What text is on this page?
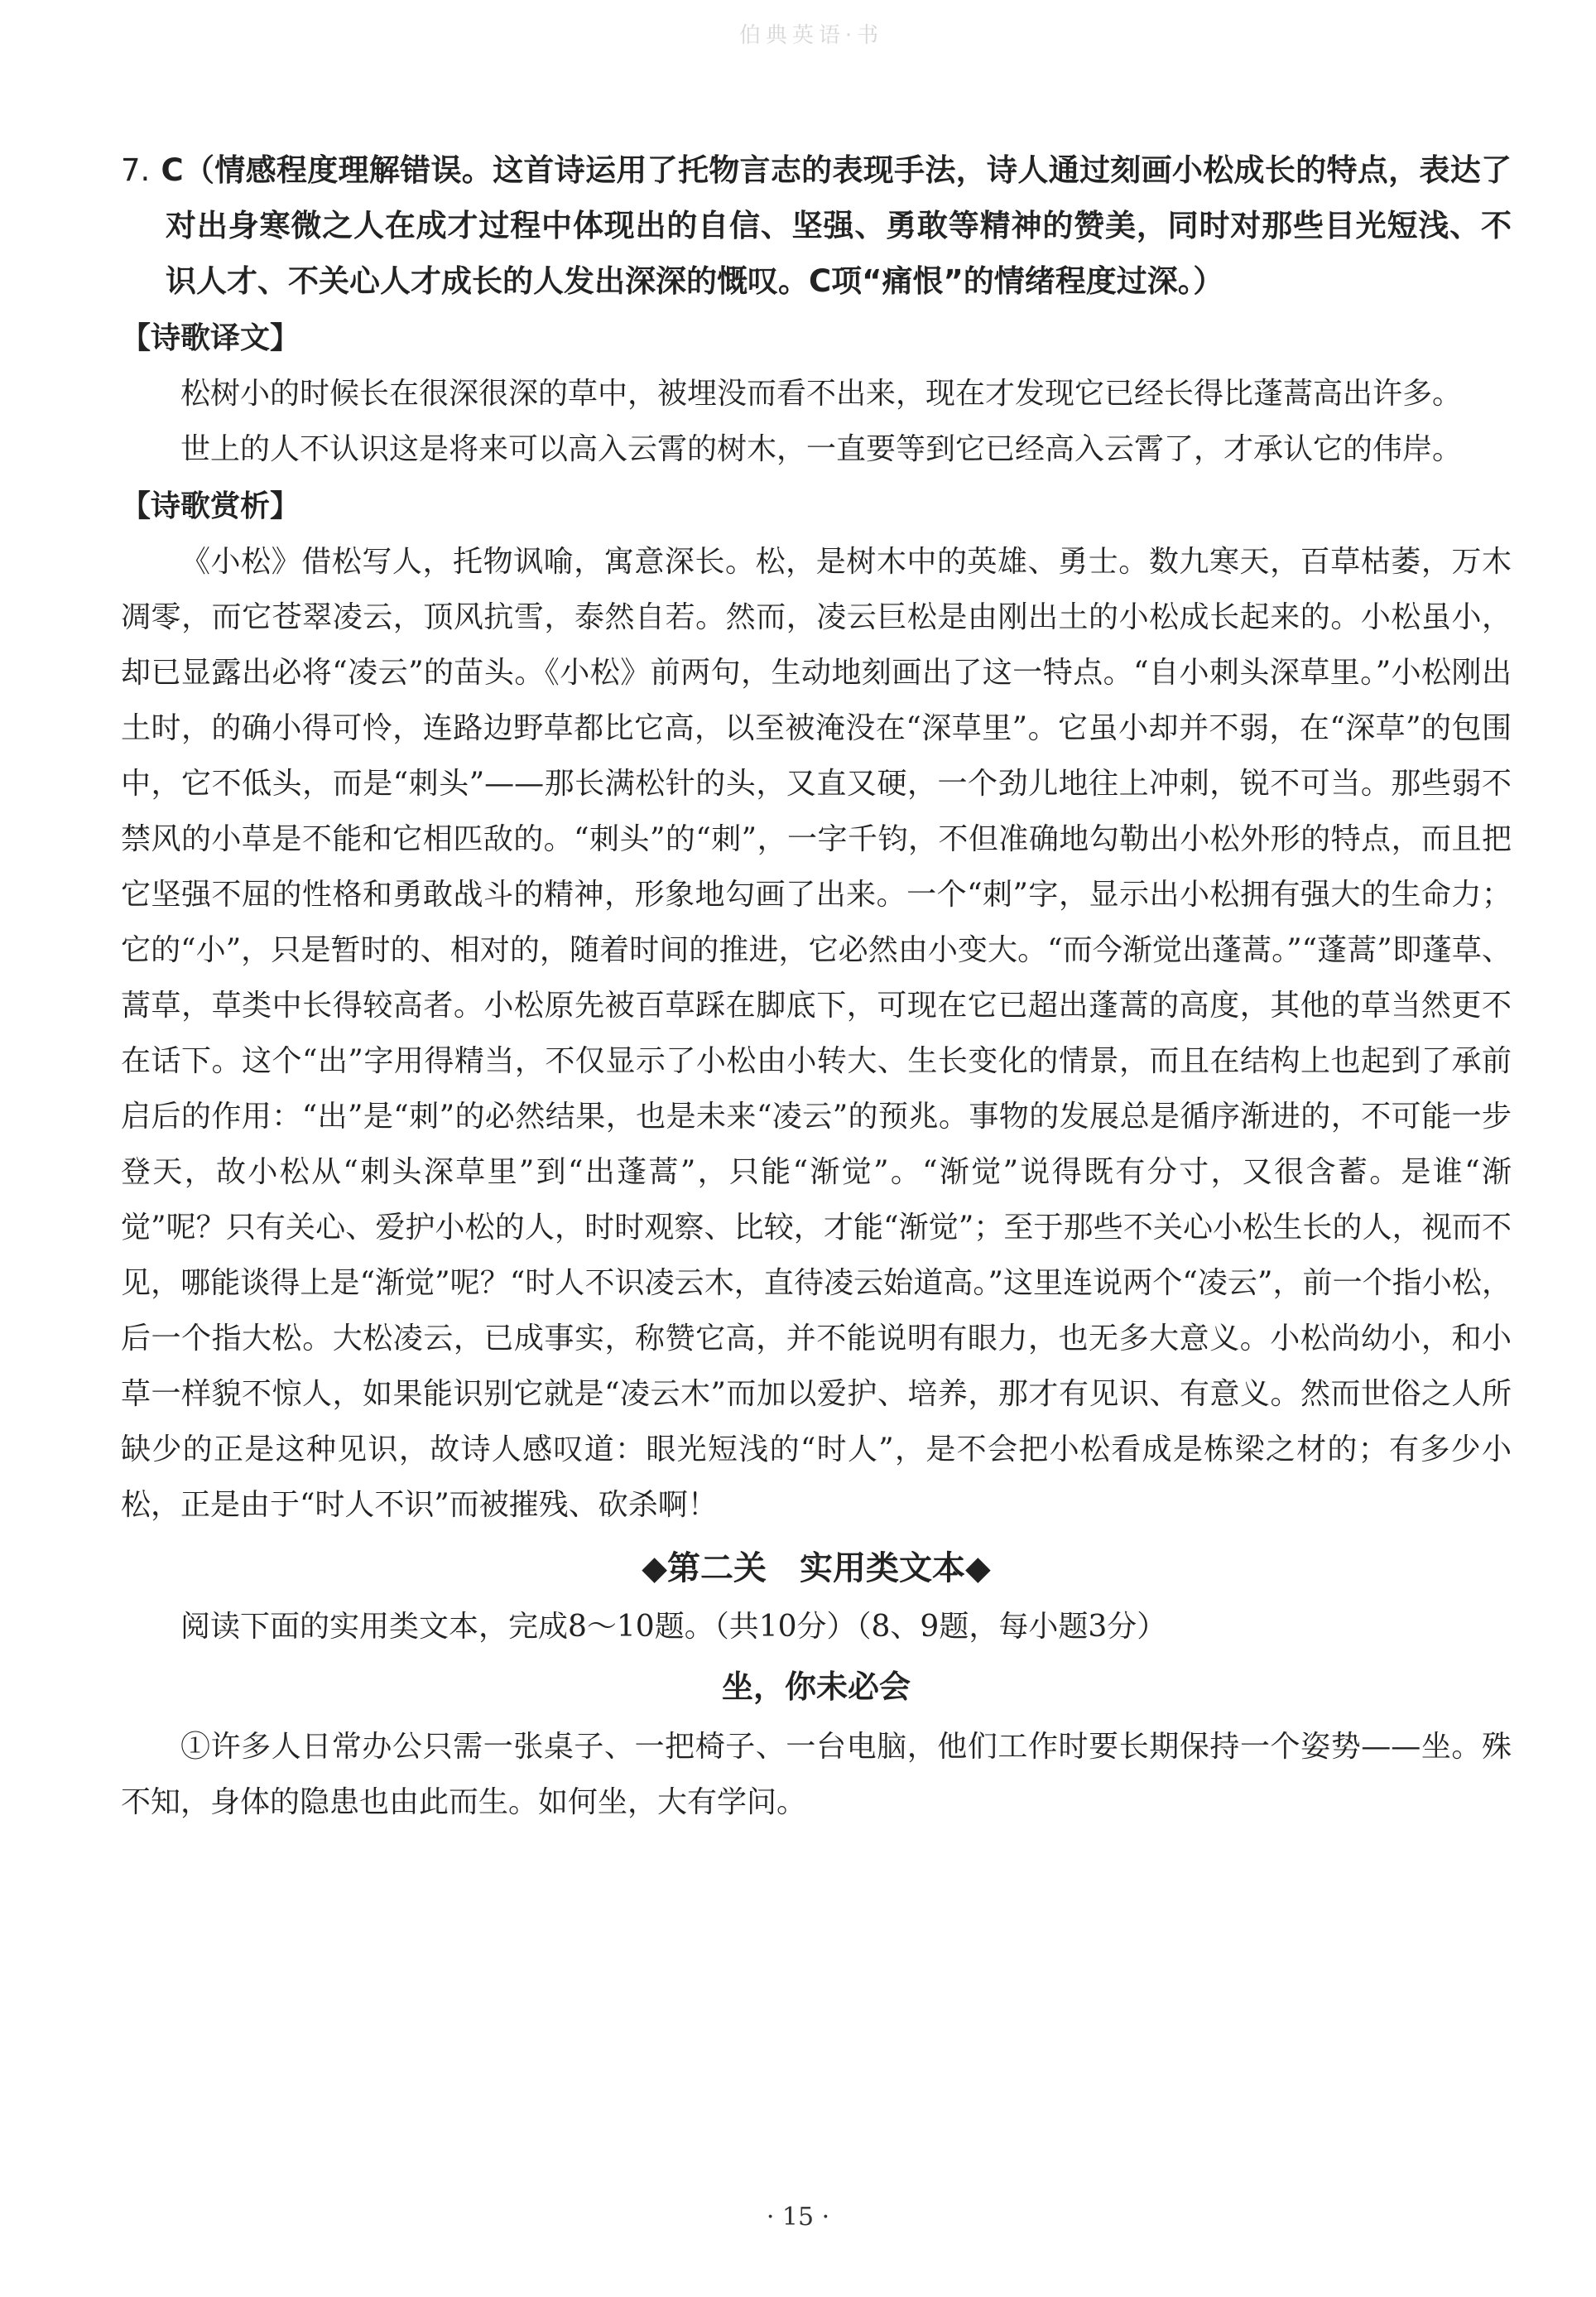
伯典英语·书

7. C（情感程度理解错误。这首诗运用了托物言志的表现手法，诗人通过刻画小松成长的特点，表达了对出身寒微之人在成才过程中体现出的自信、坚强、勇敢等精神的赞美，同时对那些目光短浅、不识人才、不关心人才成长的人发出深深的慨叹。C项“痛恨”的情绪程度过深。）

【诗歌译文】

松树小的时候长在很深很深的草中，被埋没而看不出来，现在才发现它已经长得比蓬蒿高出许多。

世上的人不认识这是将来可以高入云霄的树木，一直要等到它已经高入云霄了，才承认它的伟岸。

【诗歌赏析】

《小松》借松写人，托物讽喻，寓意深长。松，是树木中的英雄、勇士。数九寒天，百草枯萎，万木凋零，而它苍翠凌云，顶风抗雪，泰然自若。然而，凌云巨松是由刚出土的小松成长起来的。小松虽小，却已显露出必将“凌云”的苗头。《小松》前两句，生动地刻画出了这一特点。“自小刺头深草里。”小松刚出土时，的确小得可怜，连路边野草都比它高，以至被淹没在“深草里”。它虽小却并不弱，在“深草”的包围中，它不低头，而是“刺头”——那长满松针的头，又直又硬，一个劲儿地往上冲刺，锐不可当。那些弱不禁风的小草是不能和它相匹敌的。“刺头”的“刺”，一字千钧，不但准确地勾勒出小松外形的特点，而且把它坚强不屈的性格和勇敢战斗的精神，形象地勾画了出来。一个“刺”字，显示出小松拥有强大的生命力；它的“小”，只是暂时的、相对的，随着时间的推进，它必然由小变大。“而今渐觉出蓬蒿。”“蓬蒿”即蓬草、蒿草，草类中长得较高者。小松原先被百草踩在脚底下，可现在它已超出蓬蒿的高度，其他的草当然更不在话下。这个“出”字用得精当，不仅显示了小松由小转大、生长变化的情景，而且在结构上也起到了承前启后的作用：“出”是“刺”的必然结果，也是未来“凌云”的预兆。事物的发展总是循序渐进的，不可能一步登天，故小松从“刺头深草里”到“出蓬蒿”，只能“渐觉”。“渐觉”说得既有分寸，又很含蓄。是谁“渐觉”呢？只有关心、爱护小松的人，时时观察、比较，才能“渐觉”；至于那些不关心小松生长的人，视而不见，哪能谈得上是“渐觉”呢？“时人不识凌云木，直待凌云始道高。”这里连说两个“凌云”，前一个指小松，后一个指大松。大松凌云，已成事实，称赞它高，并不能说明有眼力，也无多大意义。小松尚幼小，和小草一样貌不惊人，如果能识别它就是“凌云木”而加以爱护、培养，那才有见识、有意义。然而世俗之人所缺少的正是这种见识，故诗人感叹道：眼光短浅的“时人”，是不会把小松看成是栋梁之材的；有多少小松，正是由于“时人不识”而被摧残、砍杀啊！

◆第二关　实用类文本◆

阅读下面的实用类文本，完成8～10题。（共10分）（8、9题，每小题3分）

坐，你未必会

①许多人日常办公只需一张桌子、一把椅子、一台电脑，他们工作时要长期保持一个姿势——坐。殊不知，身体的隐患也由此而生。如何坐，大有学问。

· 15 ·
